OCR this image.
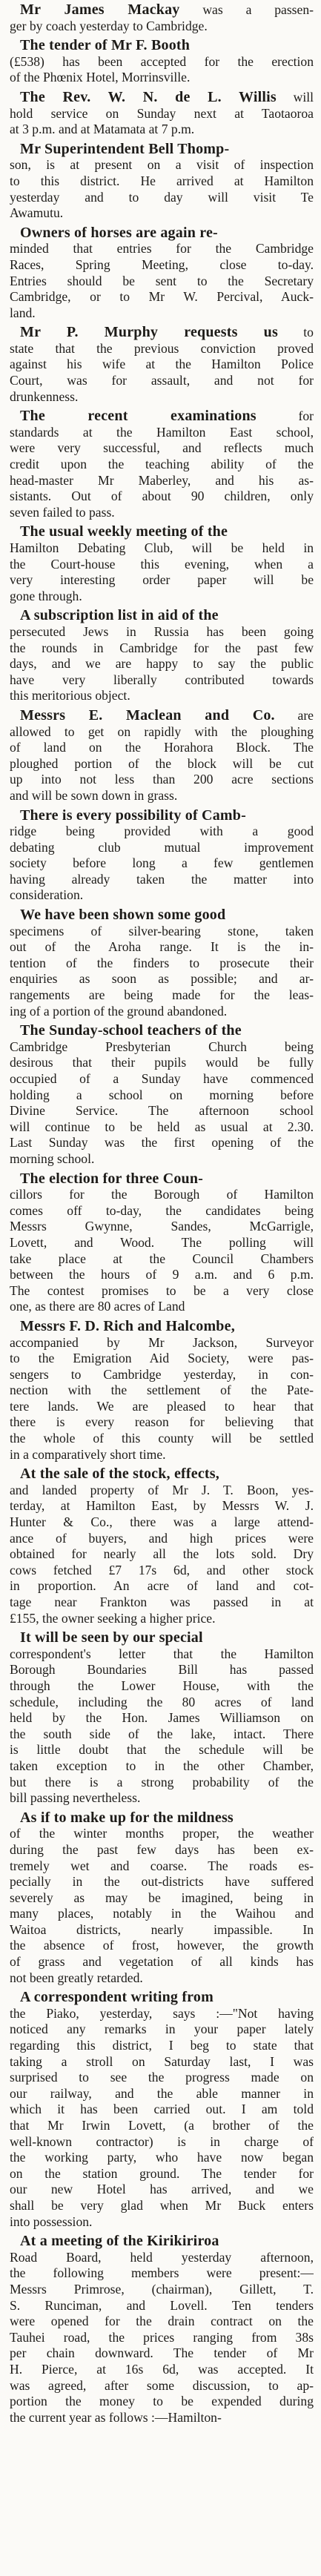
Mr James Mackay was a passen-
ger by coach yesterday to Cambridge.
The tender of Mr F. Booth
(£538) has been accepted for the erection
of the Phœnix Hotel, Morrinsville.
The Rev. W. N. de L. Willis will
hold service on Sunday next at Taotaoroa
at 3 p.m. and at Matamata at 7 p.m.
Mr Superintendent Bell Thomp-
son, is at present on a visit of inspection
to this district. He arrived at Hamilton
yesterday and to day will visit Te
Awamutu.
Owners of horses are again re-
minded that entries for the Cambridge
Races, Spring Meeting, close to-day.
Entries should be sent to the Secretary
Cambridge, or to Mr W. Percival, Auck-
land.
Mr P. Murphy requests us to
state that the previous conviction proved
against his wife at the Hamilton Police
Court, was for assault, and not for
drunkenness.
The recent examinations for
standards at the Hamilton East school,
were very successful, and reflects much
credit upon the teaching ability of the
head-master Mr Maberley, and his as-
sistants. Out of about 90 children, only
seven failed to pass.
The usual weekly meeting of the
Hamilton Debating Club, will be held in
the Court-house this evening, when a
very interesting order paper will be
gone through.
A subscription list in aid of the
persecuted Jews in Russia has been going
the rounds in Cambridge for the past few
days, and we are happy to say the public
have very liberally contributed towards
this meritorious object.
Messrs E. Maclean and Co. are
allowed to get on rapidly with the ploughing
of land on the Horahora Block. The
ploughed portion of the block will be cut
up into not less than 200 acre sections
and will be sown down in grass.
There is every possibility of Camb-
ridge being provided with a good
debating club mutual improvement
society before long a few gentlemen
having already taken the matter into
consideration.
We have been shown some good
specimens of silver-bearing stone, taken
out of the Aroha range. It is the in-
tention of the finders to prosecute their
enquiries as soon as possible; and ar-
rangements are being made for the leas-
ing of a portion of the ground abandoned.
The Sunday-school teachers of the
Cambridge Presbyterian Church being
desirous that their pupils would be fully
occupied of a Sunday have commenced
holding a school on morning before
Divine Service. The afternoon school
will continue to be held as usual at 2.30.
Last Sunday was the first opening of the
morning school.
The election for three Coun-
cillors for the Borough of Hamilton
comes off to-day, the candidates being
Messrs Gwynne, Sandes, McGarrigle,
Lovett, and Wood. The polling will
take place at the Council Chambers
between the hours of 9 a.m. and 6 p.m.
The contest promises to be a very close
one, as there are 80 acres of Land
Messrs F. D. Rich and Halcombe,
accompanied by Mr Jackson, Surveyor
to the Emigration Aid Society, were pas-
sengers to Cambridge yesterday, in con-
nection with the settlement of the Pate-
tere lands. We are pleased to hear that
there is every reason for believing that
the whole of this county will be settled
in a comparatively short time.
At the sale of the stock, effects,
and landed property of Mr J. T. Boon, yes-
terday, at Hamilton East, by Messrs W. J.
Hunter & Co., there was a large attend-
ance of buyers, and high prices were
obtained for nearly all the lots sold. Dry
cows fetched £7 17s 6d, and other stock
in proportion. An acre of land and cot-
tage near Frankton was passed in at
£155, the owner seeking a higher price.
It will be seen by our special
correspondent's letter that the Hamilton
Borough Boundaries Bill has passed
through the Lower House, with the
schedule, including the 80 acres of land
held by the Hon. James Williamson on
the south side of the lake, intact. There
is little doubt that the schedule will be
taken exception to in the other Chamber,
but there is a strong probability of the
bill passing nevertheless.
As if to make up for the mildness
of the winter months proper, the weather
during the past few days has been ex-
tremely wet and coarse. The roads es-
pecially in the out-districts have suffered
severely as may be imagined, being in
many places, notably in the Waihou and
Waitoa districts, nearly impassible. In
the absence of frost, however, the growth
of grass and vegetation of all kinds has
not been greatly retarded.
A correspondent writing from
the Piako, yesterday, says :—"Not having
noticed any remarks in your paper lately
regarding this district, I beg to state that
taking a stroll on Saturday last, I was
surprised to see the progress made on
our railway, and the able manner in
which it has been carried out. I am told
that Mr Irwin Lovett, (a brother of the
well-known contractor) is in charge of
the working party, who have now began
on the station ground. The tender for
our new Hotel has arrived, and we
shall be very glad when Mr Buck enters
into possession.
At a meeting of the Kirikiriroa
Road Board, held yesterday afternoon,
the following members were present:—
Messrs Primrose, (chairman), Gillett, T.
S. Runciman, and Lovell. Ten tenders
were opened for the drain contract on the
Tauhei road, the prices ranging from 38s
per chain downward. The tender of Mr
H. Pierce, at 16s 6d, was accepted. It
was agreed, after some discussion, to ap-
portion the money to be expended during
the current year as follows :—Hamilton-
